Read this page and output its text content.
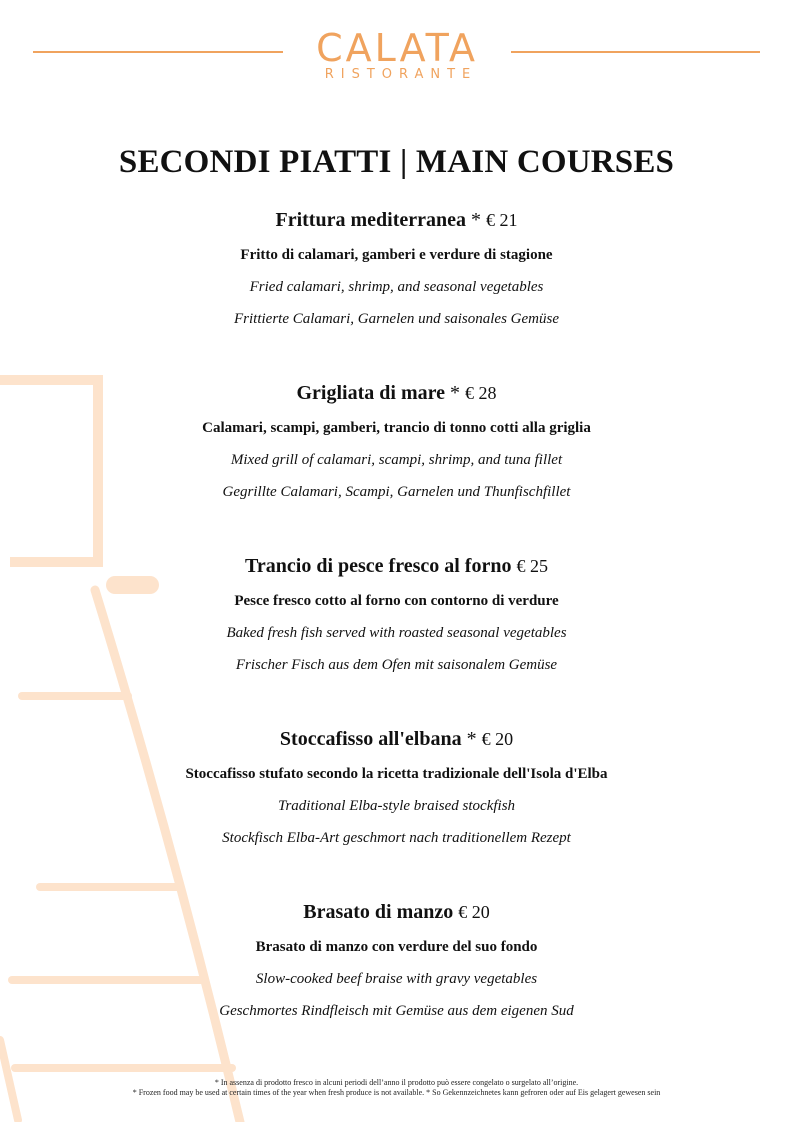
CALATA
RISTORANTE
SECONDI PIATTI | MAIN COURSES
Frittura mediterranea * € 21
Fritto di calamari, gamberi e verdure di stagione
Fried calamari, shrimp, and seasonal vegetables
Frittierte Calamari, Garnelen und saisonales Gemüse
Grigliata di mare * € 28
Calamari, scampi, gamberi, trancio di tonno cotti alla griglia
Mixed grill of calamari, scampi, shrimp, and tuna fillet
Gegrillte Calamari, Scampi, Garnelen und Thunfischfillet
Trancio di pesce fresco al forno € 25
Pesce fresco cotto al forno con contorno di verdure
Baked fresh fish served with roasted seasonal vegetables
Frischer Fisch aus dem Ofen mit saisonalem Gemüse
Stoccafisso all'elbana * € 20
Stoccafisso stufato secondo la ricetta tradizionale dell'Isola d'Elba
Traditional Elba-style braised stockfish
Stockfisch Elba-Art geschmort nach traditionellem Rezept
Brasato di manzo € 20
Brasato di manzo con verdure del suo fondo
Slow-cooked beef braise with gravy vegetables
Geschmortes Rindfleisch mit Gemüse aus dem eigenen Sud
* In assenza di prodotto fresco in alcuni periodi dell’anno il prodotto può essere congelato o surgelato all’origine.
* Frozen food may be used at certain times of the year when fresh produce is not available. * So Gekennzeichnetes kann gefroren oder auf Eis gelagert gewesen sein
